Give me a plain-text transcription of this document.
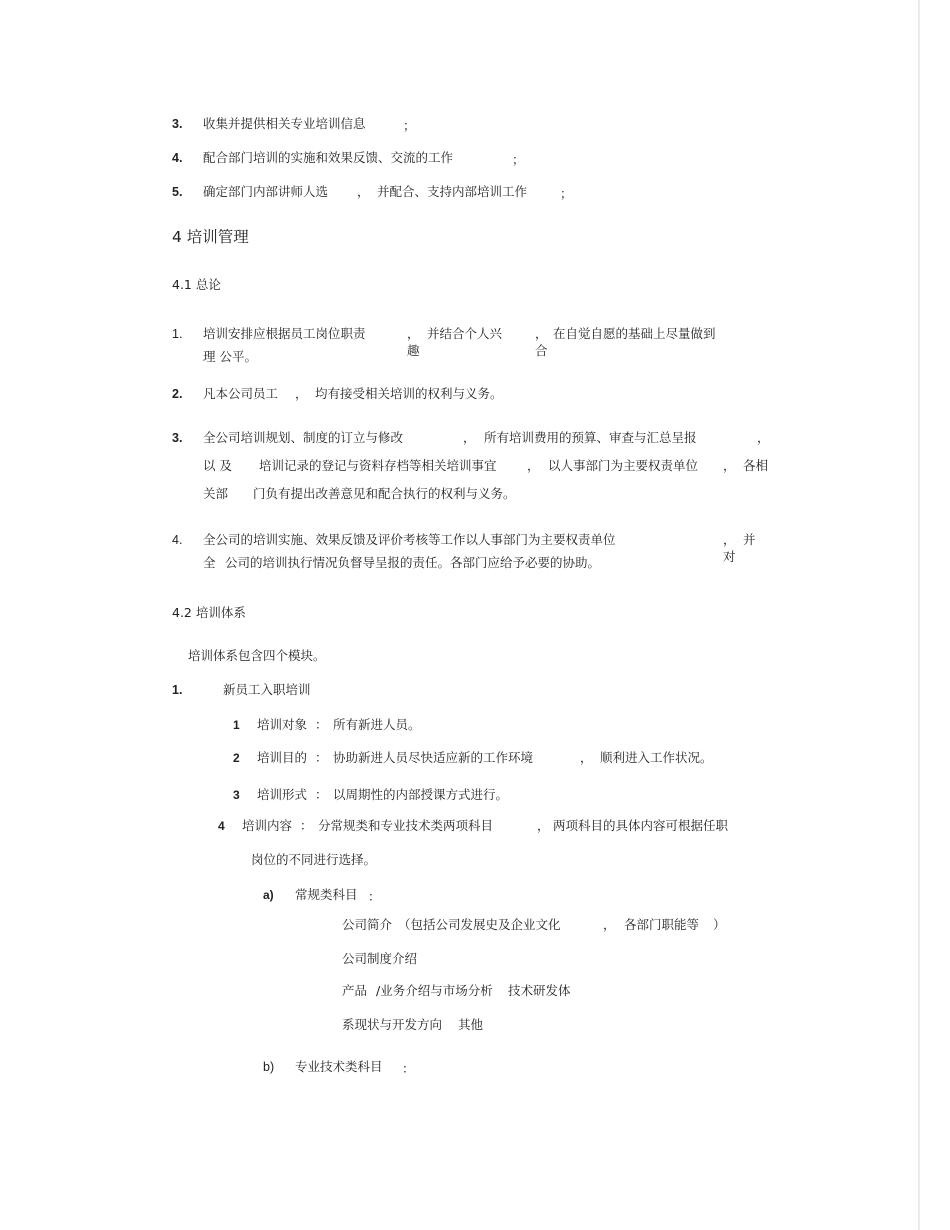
3. 收集并提供相关专业培训信息	；
4. 配合部门培训的实施和效果反馈、交流的工作	；
5. 确定部门内部讲师人选 ， 并配合、支持内部培训工作	；
4 培训管理
4.1 总论
1. 培训安排应根据员工岗位职责	， 并结合个人兴
趣
，
合
在自觉自愿的基础上尽量做到
理 公平。
2. 凡本公司员工 ， 均有接受相关培训的权利与义务。
3. 全公司培训规划、制度的订立与修改	， 所有培训费用的预算、审查与汇总呈报	，
以 及 培训记录的登记与资料存档等相关培训事宜 ， 以人事部门为主要权责单位 ， 各相
关部 门负有提出改善意见和配合执行的权利与义务。
4. 全公司的培训实施、效果反馈及评价考核等工作以人事部门为主要权责单位	，
对
并
全 公司的培训执行情况负督导呈报的责任。各部门应给予必要的协助。
4.2 培训体系
培训体系包含四个模块。
1.	新员工入职培训
1 培训对象 ： 所有新进人员。
2 培训目的 ： 协助新进人员尽快适应新的工作环境	， 顺利进入工作状况。
3 培训形式 ： 以周期性的内部授课方式进行。
4 培训内容 ： 分常规类和专业技术类两项科目	， 两项科目的具体内容可根据任职
岗位的不同进行选择。
a) 常规类科目 ：
公司简介 （包括公司发展史及企业文化	， 各部门职能等 ）
公司制度介绍
产品 /业务介绍与市场分析 技术研发体
系现状与开发方向 其他
b) 专业技术类科目 ：
